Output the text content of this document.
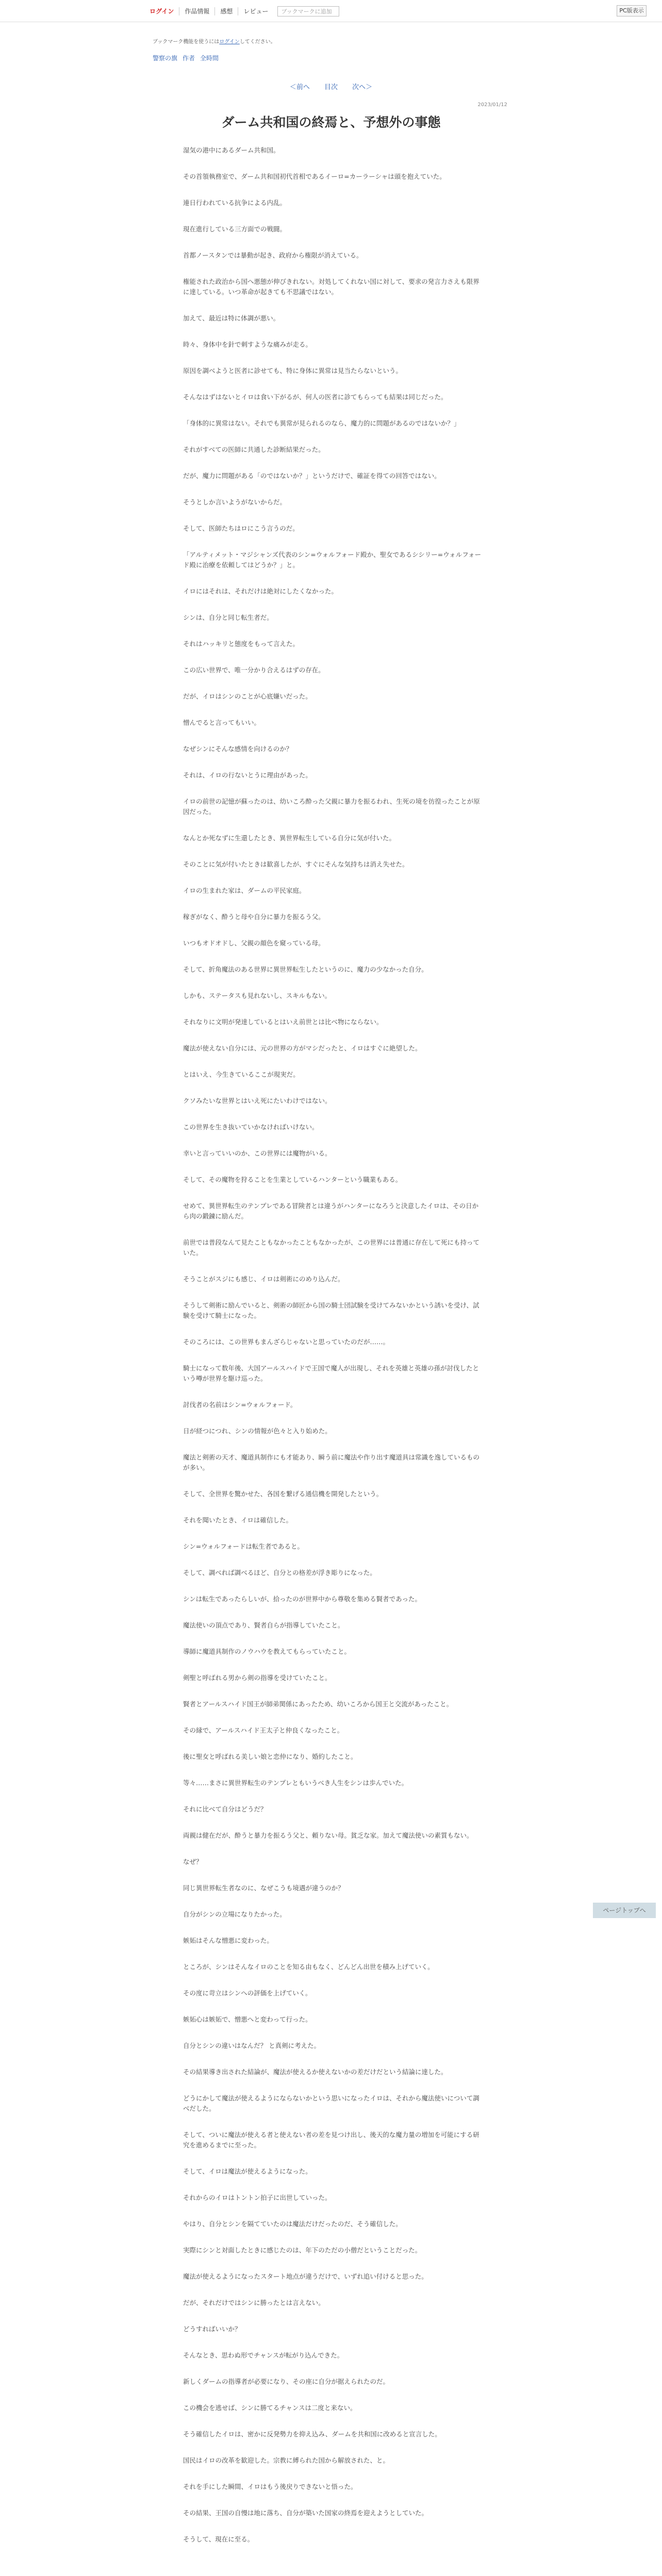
ログイン	作品情報	感想	レビュー	ブックマークに追加	PC版表示
ブックマーク機能を使うにはログインしてください。
警察の旗 作者 全時間
＜前へ 目次 次へ＞
2023/01/12
ダーム共和国の終焉と、予想外の事態

湿気の港中にあるダーム共和国。

その首領執務室で、ダーム共和国初代首相であるイーロ=カーラーシャは頭を抱えていた。

連日行われている抗争による内乱。

現在進行している三方面での戦闘。

首都ノースタンでは暴動が起き、政府から権限が消えている。

権能された政治から国へ悪態が伸びきれない。対処してくれない国に対して、要求の発言力さえも限界に達している。いつ革命が起きても不思議ではない。

加えて、最近は特に体調が悪い。

時々、身体中を針で刺すような痛みが走る。

原因を調べようと医者に診せても、特に身体に異常は見当たらないという。

そんなはずはないとイロは食い下がるが、何人の医者に診てもらっても結果は同じだった。

「身体的に異常はない。それでも異常が見られるのなら、魔力的に問題があるのではないか？」

それがすべての医師に共通した診断結果だった。

だが、魔力に問題がある「のではないか？」というだけで、確証を得ての回答ではない。

そうとしか言いようがないからだ。

そして、医師たちはロにこう言うのだ。

「アルティメット・マジシャンズ代表のシン=ウォルフォード殿か、聖女であるシシリー=ウォルフォード殿に治療を依頼してはどうか？」と。

イロにはそれは、それだけは絶対にしたくなかった。

シンは、自分と同じ転生者だ。

それはハッキリと態度をもって言えた。

この広い世界で、唯一分かり合えるはずの存在。

だが、イロはシンのことが心底嫌いだった。

憎んでると言ってもいい。

なぜシンにそんな感情を向けるのか？

それは、イロの行ないとうに理由があった。

イロの前世の記憶が蘇ったのは、幼いころ酔った父親に暴力を振るわれ、生死の境を彷徨ったことが原因だった。

なんとか死なずに生還したとき、異世界転生している自分に気が付いた。

そのことに気が付いたときは歓喜したが、すぐにそんな気持ちは消え失せた。

イロの生まれた家は、ダームの平民家庭。

稼ぎがなく、酔うと母や自分に暴力を振るう父。

いつもオドオドし、父親の顔色を窺っている母。

そして、折角魔法のある世界に異世界転生したというのに、魔力の少なかった自分。

しかも、ステータスも見れないし、スキルもない。

それなりに文明が発達しているとはいえ前世とは比べ物にならない。

魔法が使えない自分には、元の世界の方がマシだったと、イロはすぐに絶望した。

とはいえ、今生きているここが現実だ。

クソみたいな世界とはいえ死にたいわけではない。

この世界を生き抜いていかなければいけない。

幸いと言っていいのか、この世界には魔物がいる。

そして、その魔物を狩ることを生業としているハンターという職業もある。

せめて、異世界転生のテンプレである冒険者とは違うがハンターになろうと決意したイロは、その日から肉の鍛錬に励んだ。

前世では普段なんて見たこともなかったこともなかったが、この世界には普通に存在して死にも持っていた。

そうことがスジにも感じ、イロは剣術にのめり込んだ。

そうして剣術に励んでいると、剣術の師匠から国の騎士団試験を受けてみないかという誘いを受け、試験を受けて騎士になった。

そのころには、この世界もまんざらじゃないと思っていたのだが……。

騎士になって数年後、大国アールスハイドで王国で魔人が出現し、それを英雄と英雄の孫が討伐したという噂が世界を駆け巡った。

討伐者の名前はシン=ウォルフォード。

日が経つにつれ、シンの情報が色々と入り始めた。

魔法と剣術の天才、魔道具制作にも才能あり、瞬う前に魔法や作り出す魔道具は常識を逸しているものが多い。

そして、全世界を驚かせた、各国を繋げる通信機を開発したという。

それを聞いたとき、イロは確信した。

シン=ウォルフォードは転生者であると。

そして、調べれば調べるほど、自分との格差が浮き彫りになった。

シンは転生であったらしいが、拾ったのが世界中から尊敬を集める賢者であった。

魔法使いの頂点であり、賢者自らが指導していたこと。

導師に魔道具制作のノウハウを教えてもらっていたこと。

剣聖と呼ばれる男から剣の指導を受けていたこと。

賢者とアールスハイド国王が師弟関係にあったため、幼いころから国王と交流があったこと。

その縁で、アールスハイド王太子と仲良くなったこと。

後に聖女と呼ばれる美しい娘と恋仲になり、婚約したこと。

等々……まさに異世界転生のテンプレともいうべき人生をシンは歩んでいた。

それに比べて自分はどうだ？

両親は健在だが、酔うと暴力を振るう父と、頼りない母。貧乏な家。加えて魔法使いの素質もない。

なぜ？

同じ異世界転生者なのに、なぜこうも境遇が違うのか？

自分がシンの立場になりたかった。

嫉妬はそんな憎悪に変わった。

ところが、シンはそんなイロのことを知る由もなく、どんどん出世を積み上げていく。

その度に苛立はシンへの評価を上げていく。

嫉妬心は嫉妬で、憎悪へと変わって行った。

自分とシンの違いはなんだ？ と真剣に考えた。

その結果導き出された結論が、魔法が使えるか使えないかの差だけだという結論に達した。

どうにかして魔法が使えるようにならないかという思いになったイロは、それから魔法使いについて調べだした。

そして、ついに魔法が使える者と使えない者の差を見つけ出し、後天的な魔力量の増加を可能にする研究を進めるまでに至った。

そして、イロは魔法が使えるようになった。

それからのイロはトントン拍子に出世していった。

やはり、自分とシンを隔てていたのは魔法だけだったのだ、そう確信した。

実際にシンと対面したときに感じたのは、年下のただの小僧だということだった。

魔法が使えるようになったスタート地点が違うだけで、いずれ追い付けると思った。

だが、それだけではシンに勝ったとは言えない。

どうすればいいか？

そんなとき、思わぬ形でチャンスが転がり込んできた。

新しくダームの指導者が必要になり、その座に自分が据えられたのだ。

この機会を逃せば、シンに勝てるチャンスは二度と来ない。

そう確信したイロは、密かに反発勢力を抑え込み、ダームを共和国に改めると宣言した。

国民はイロの改革を歓迎した。宗教に縛られた国から解放された、と。

それを手にした瞬間、イロはもう後戻りできないと悟った。

その結果、王国の自慢は地に落ち、自分が築いた国家の終焉を迎えようとしていた。

そうして、現在に至る。

ページトップへ
